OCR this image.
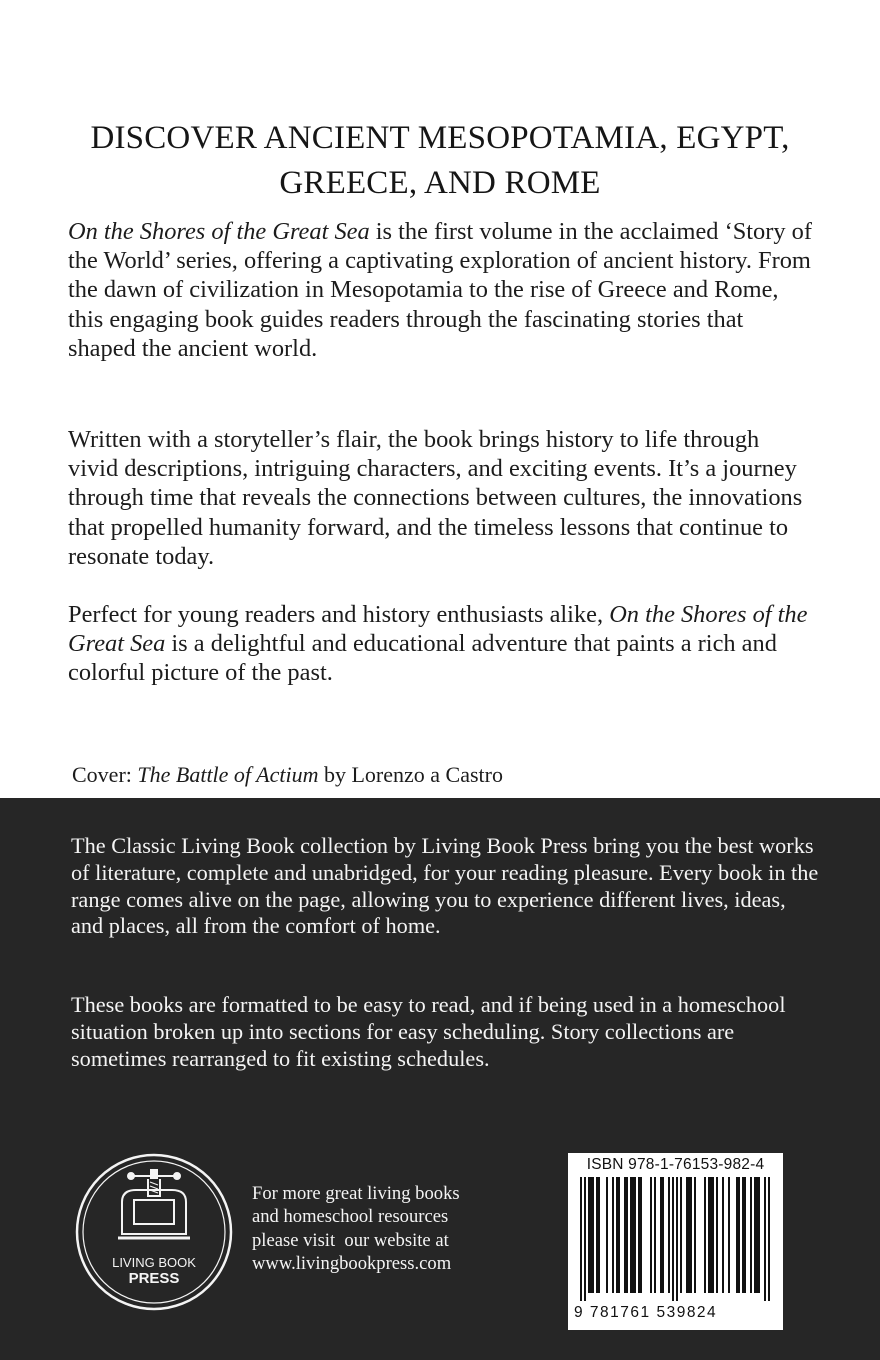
DISCOVER ANCIENT MESOPOTAMIA, EGYPT, GREECE, AND ROME
On the Shores of the Great Sea is the first volume in the acclaimed ‘Story of the World’ series, offering a captivating exploration of ancient history. From the dawn of civilization in Mesopotamia to the rise of Greece and Rome, this engaging book guides readers through the fascinating stories that shaped the ancient world.
Written with a storyteller’s flair, the book brings history to life through vivid descriptions, intriguing characters, and exciting events. It’s a journey through time that reveals the connections between cultures, the innovations that propelled humanity forward, and the timeless lessons that continue to resonate today.
Perfect for young readers and history enthusiasts alike, On the Shores of the Great Sea is a delightful and educational adventure that paints a rich and colorful picture of the past.
Cover: The Battle of Actium by Lorenzo a Castro
The Classic Living Book collection by Living Book Press bring you the best works of literature, complete and unabridged, for your reading pleasure. Every book in the range comes alive on the page, allowing you to experience different lives, ideas, and places, all from the comfort of home.
These books are formatted to be easy to read, and if being used in a homeschool situation broken up into sections for easy scheduling. Story collections are sometimes rearranged to fit existing schedules.
LIVING BOOK
PRESS
For more great living books
and homeschool resources
please visit  our website at
www.livingbookpress.com
ISBN 978-1-76153-982-4
9 781761 539824
